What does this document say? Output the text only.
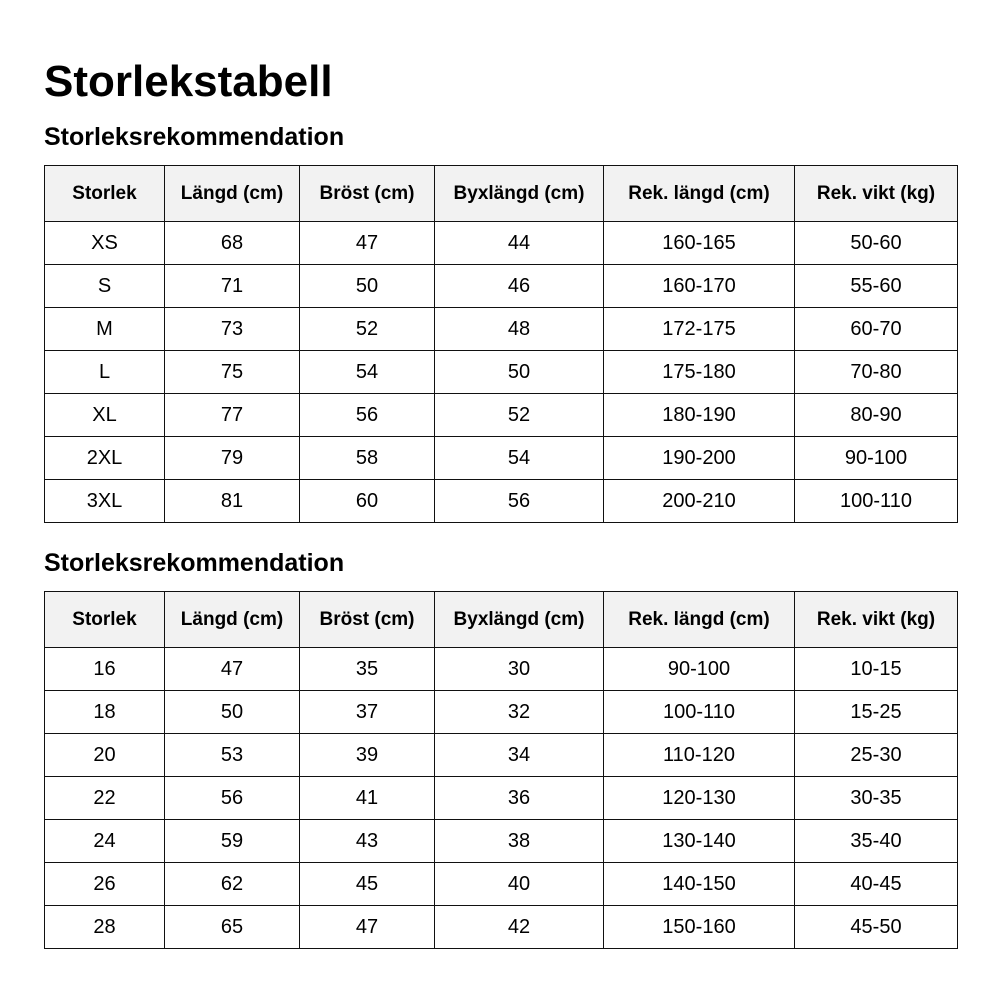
Storlekstabell
Storleksrekommendation
Storlek	Längd (cm)	Bröst (cm)	Byxlängd (cm)	Rek. längd (cm)	Rek. vikt (kg)
XS	68	47	44	160-165	50-60
S	71	50	46	160-170	55-60
M	73	52	48	172-175	60-70
L	75	54	50	175-180	70-80
XL	77	56	52	180-190	80-90
2XL	79	58	54	190-200	90-100
3XL	81	60	56	200-210	100-110
Storleksrekommendation
Storlek	Längd (cm)	Bröst (cm)	Byxlängd (cm)	Rek. längd (cm)	Rek. vikt (kg)
16	47	35	30	90-100	10-15
18	50	37	32	100-110	15-25
20	53	39	34	110-120	25-30
22	56	41	36	120-130	30-35
24	59	43	38	130-140	35-40
26	62	45	40	140-150	40-45
28	65	47	42	150-160	45-50
